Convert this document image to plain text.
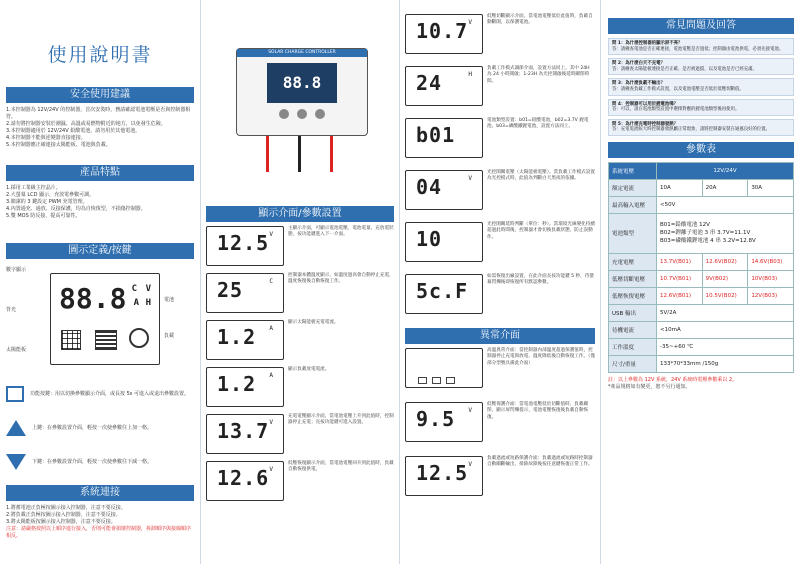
使用說明書
安全使用建議
1.本控制器為 12V/24V 的控制器，首次安裝時，務請確認電池電壓是否與控制器相符。
2.請勿將控制器安裝於潮濕、高溫或易燃物附近的地方，以免發生危險。
3.本控制器適用於 12V/24V 鉛酸電池，請勿用於其他電池。
4.本控制器不能與逆變器直接連接。
5.本控制器應正確連接太陽能板、電池與負載。
產品特點
1.採用工業級主控晶片。
2.大螢幕 LCD 顯示，充放電參數可調。
3.簡潔的 3 鍵設定 PWM 充電管理。
4.內置過充、過放、反接保護，均為自恢復型，不損傷控制器。
5.雙 MOS 防反接，提高可靠性。
圖示定義/按鍵
88.8 V
C
A H
數字顯示
背光
太陽能板
電池
負載
功能按鍵：用以切換參數顯示介面，或長按 5s 可進入或退出參數設置。
上鍵：在參數設置介面，輕按一次使參數往上加一格。
下鍵：在參數設置介面，輕按一次使參數往下減一格。
系統連接
1.將蓄電池正負極按圖示接入控制器，注意不要反接。
2.將負載正負極按圖示接入控制器，注意不要反接。
3.將太陽能板按圖示接入控制器，注意不要反接。
注意：請嚴格按照以上順序進行接入，否則可能會損壞控制器，拆卸順序與接線順序相反。
SOLAR CHARGE CONTROLLER
88.8
顯示介面/參數設置
12.5 V
主顯示介面，可顯示電池電壓、電池電量、充放電狀態，按功能鍵進入下一介面。
25	C
控制器本體溫度顯示，如溫度過高會自動停止充電，溫度恢復後自動恢復工作。
1.2 A
顯示太陽能板充電電流。
1.2 A
顯示負載放電電流。
13.7 V
充電電壓顯示介面，當電池電壓上升到此值時，控制器停止充電；長按功能鍵可進入設置。
12.6 V
低壓恢復顯示介面，當電池電壓回升到此值時，負載自動恢復供電。
10.7 V
低壓切斷顯示介面，當電池電壓低於此值時，負載自動斷開，以保護電池。
24	H
負載工作模式調節介面，設置方法同上。其中 24H 為 24 小時開啟；1-23H 為光控開啟後延時關閉時間。
b01
電池類型設置：b01=鉛酸電池，b02=3.7V 鋰電池，b03=磷酸鐵鋰電池，設置方法同上。
04	V
光控開關電壓（太陽能板電壓）。當負載工作模式設置為光控模式時，此值為判斷白天黑夜的依據。
10
光控開關延時判斷（單位：秒）。當環境光線變化持續超過此時間後，控制器才會切換負載狀態，防止誤動作。
5c.F
如需恢復出廠設置，在此介面長按功能鍵 5 秒，待螢幕閃爍後即恢復所有默認參數。
異常介面
高溫異常介面：當控制器內部溫度超過保護值時，控制器停止充電與放電，溫度降低後自動恢復工作。（僅部分型號具備此介面）
9.5 V
低壓保護介面：當電池電壓低於切斷值時，負載關閉，顯示屏閃爍提示，電池電壓恢復後負載自動恢復。
12.5 V
負載過流或短路保護介面：負載過流或短路時控制器自動關斷輸出，排除故障後按任意鍵恢復正常工作。
常見問題及回答
問 1：為什麼控制器的顯示屏不亮？
答：請檢查電池是否正確連接，電池電壓是否過低；控制器由電池供電，必須先接電池。
問 2：為什麼白天不充電？
答：請檢查太陽能板連接是否正確、是否被遮擋，以及電池是否已經充滿。
問 3：為什麼負載不輸出？
答：請檢查負載工作模式設置，以及電池電壓是否低於低壓切斷值。
問 4：控制器可以用於鋰電池嗎？
答：可以，請在電池類型設置中選擇對應的鋰電池類型後再使用。
問 5：為什麼充電時控制器發熱？
答：充電電流較大時控制器發熱屬正常現象，請將控制器安裝在通風良好的位置。
參數表
系統電壓	12V/24V		
額定電流	10A	20A	30A
最高輸入電壓	<50V		
電池類型	B01=鉛酸電池 12V
B02=鋰離子電池 3 串 3.7V=11.1V
B03=磷酸鐵鋰電池 4 串 3.2V=12.8V		

充電電壓	13.7V(B01)	12.6V(B02)	14.6V(B03)
低壓切斷電壓	10.7V(B01)	9V(B02)	10V(B03)
低壓恢復電壓	12.6V(B01)	10.5V(B02)	12V(B03)
USB 輸出	5V/2A		
待機電流	<10mA		
工作溫度	-35~+60 ℃		
尺寸/重量	133*70*33mm /150g		
註：以上參數為 12V 系統，24V 系統時電壓參數乘以 2。
*產品規格如有變更，恕不另行通知。
